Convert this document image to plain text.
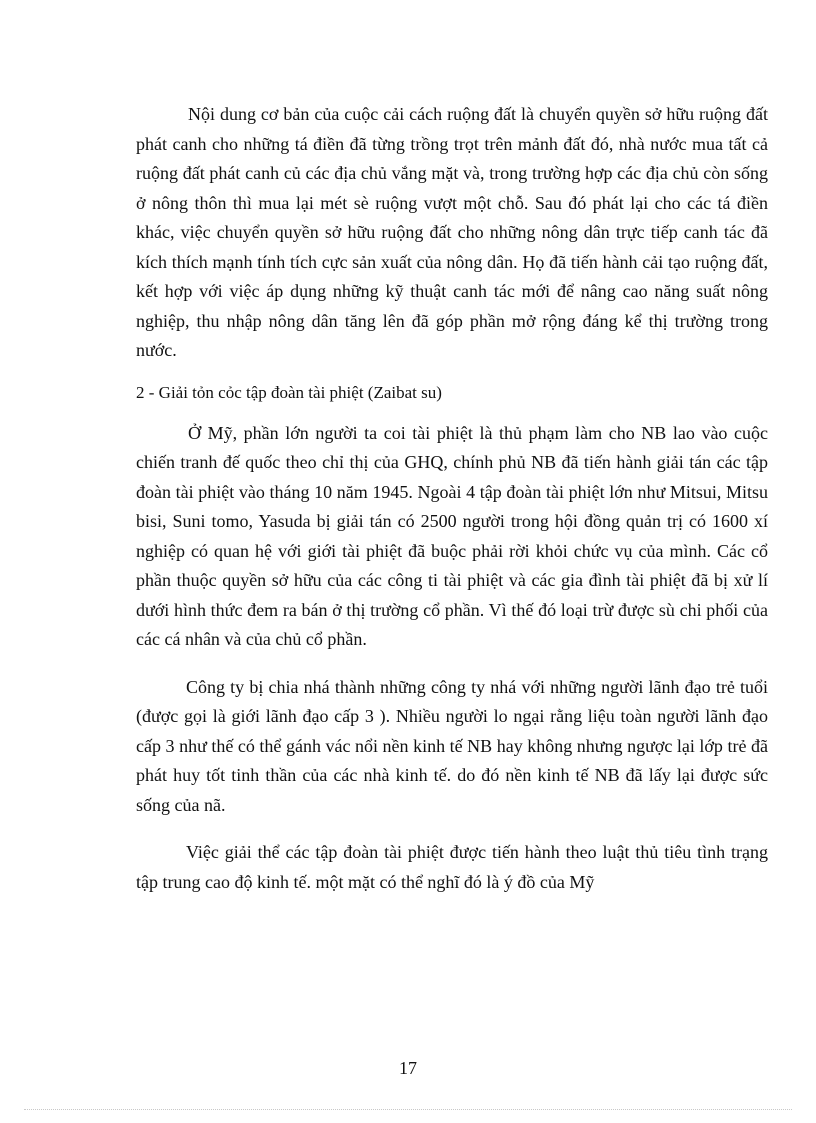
Nội dung cơ bản của cuộc cải cách ruộng đất là chuyển quyền sở hữu ruộng đất phát canh cho những tá điền đã từng trồng trọt trên mảnh đất đó, nhà nước mua tất cả ruộng đất phát canh củ các địa chủ vắng mặt và, trong trường hợp các địa chủ còn sống ở nông thôn thì mua lại mét sè ruộng vượt một chỗ. Sau đó phát lại cho các tá điền khác, việc chuyển quyền sở hữu ruộng đất cho những nông dân trực tiếp canh tác đã kích thích mạnh tính tích cực sản xuất của nông dân. Họ đã tiến hành cải tạo ruộng đất, kết hợp với việc áp dụng những kỹ thuật canh tác mới để nâng cao năng suất nông nghiệp, thu nhập nông dân tăng lên đã góp phần mở rộng đáng kể thị trường trong nước.

2 - Giải tỏn cỏc tập đoàn tài phiệt (Zaibat su)

Ở Mỹ, phần lớn người ta coi tài phiệt là thủ phạm làm cho NB lao vào cuộc chiến tranh đế quốc theo chỉ thị của GHQ, chính phủ NB đã tiến hành giải tán các tập đoàn tài phiệt vào tháng 10 năm 1945. Ngoài 4 tập đoàn tài phiệt lớn như Mitsui, Mitsu bisi, Suni tomo, Yasuda bị giải tán có 2500 người trong hội đồng quản trị có 1600 xí nghiệp có quan hệ với giới tài phiệt đã buộc phải rời khỏi chức vụ của mình. Các cổ phần thuộc quyền sở hữu của các công ti tài phiệt và các gia đình tài phiệt đã bị xử lí dưới hình thức đem ra bán ở thị trường cổ phần. Vì thế đó loại trừ được sù chi phối của các cá nhân và của chủ cổ phần.

Công ty bị chia nhá thành những công ty nhá với những người lãnh đạo trẻ tuổi (được gọi là giới lãnh đạo cấp 3 ). Nhiều người lo ngại rằng liệu toàn người lãnh đạo cấp 3 như thế có thể gánh vác nổi nền kinh tế NB hay không nhưng ngược lại lớp trẻ đã phát huy tốt tinh thần của các nhà kinh tế. do đó nền kinh tế NB đã lấy lại được sức sống của nã.

Việc giải thể các tập đoàn tài phiệt được tiến hành theo luật thủ tiêu tình trạng tập trung cao độ kinh tế. một mặt có thể nghĩ đó là ý đồ của Mỹ

17
